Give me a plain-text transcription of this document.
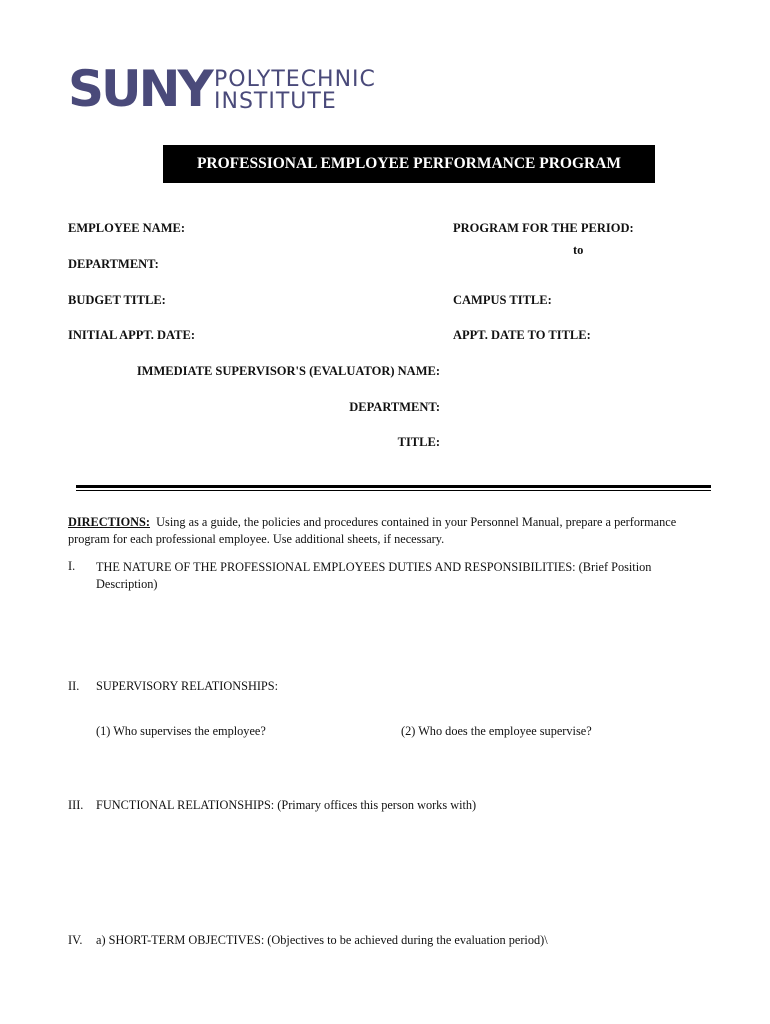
SUNY POLYTECHNIC
INSTITUTE
PROFESSIONAL EMPLOYEE PERFORMANCE PROGRAM
EMPLOYEE NAME:	PROGRAM FOR THE PERIOD:
to
DEPARTMENT:
BUDGET TITLE:	CAMPUS TITLE:
INITIAL APPT. DATE:	APPT. DATE TO TITLE:
IMMEDIATE SUPERVISOR'S (EVALUATOR) NAME:
DEPARTMENT:
TITLE:
DIRECTIONS: Using as a guide, the policies and procedures contained in your Personnel Manual, prepare a performance
program for each professional employee. Use additional sheets, if necessary.
I. THE NATURE OF THE PROFESSIONAL EMPLOYEES DUTIES AND RESPONSIBILITIES: (Brief Position
Description)
II. SUPERVISORY RELATIONSHIPS:
(1) Who supervises the employee?	(2) Who does the employee supervise?
III. FUNCTIONAL RELATIONSHIPS: (Primary offices this person works with)
IV. a) SHORT-TERM OBJECTIVES: (Objectives to be achieved during the evaluation period)\
